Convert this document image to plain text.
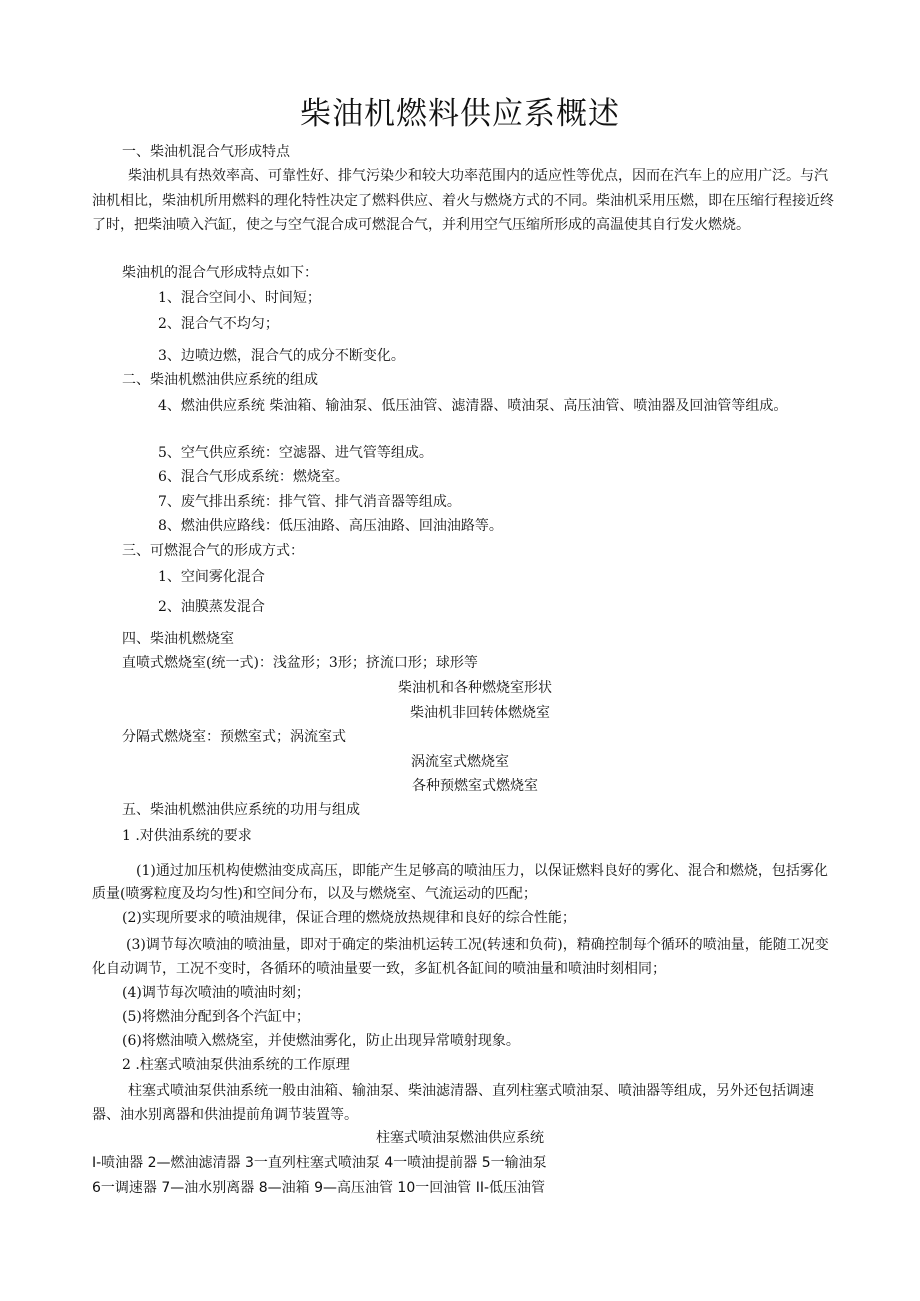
柴油机燃料供应系概述
一、柴油机混合气形成特点
柴油机具有热效率高、可靠性好、排气污染少和较大功率范围内的适应性等优点，因而在汽车上的应用广泛。与汽油机相比，柴油机所用燃料的理化特性决定了燃料供应、着火与燃烧方式的不同。柴油机采用压燃，即在压缩行程接近终了时，把柴油喷入汽缸，使之与空气混合成可燃混合气，并利用空气压缩所形成的高温使其自行发火燃烧。
柴油机的混合气形成特点如下：
1、混合空间小、时间短；
2、混合气不均匀；
3、边喷边燃，混合气的成分不断变化。
二、柴油机燃油供应系统的组成
4、燃油供应系统 柴油箱、输油泵、低压油管、滤清器、喷油泵、高压油管、喷油器及回油管等组成。
5、空气供应系统：空滤器、进气管等组成。
6、混合气形成系统：燃烧室。
7、废气排出系统：排气管、排气消音器等组成。
8、燃油供应路线：低压油路、高压油路、回油油路等。
三、可燃混合气的形成方式：
1、空间雾化混合
2、油膜蒸发混合
四、柴油机燃烧室
直喷式燃烧室(统一式)：浅盆形；3形；挤流口形；球形等
柴油机和各种燃烧室形状
柴油机非回转体燃烧室
分隔式燃烧室：预燃室式；涡流室式
涡流室式燃烧室
各种预燃室式燃烧室
五、柴油机燃油供应系统的功用与组成
1 .对供油系统的要求
(1)通过加压机构使燃油变成高压，即能产生足够高的喷油压力，以保证燃料良好的雾化、混合和燃烧，包括雾化质量(喷雾粒度及均匀性)和空间分布，以及与燃烧室、气流运动的匹配；
(2)实现所要求的喷油规律，保证合理的燃烧放热规律和良好的综合性能；
(3)调节每次喷油的喷油量，即对于确定的柴油机运转工况(转速和负荷)，精确控制每个循环的喷油量，能随工况变化自动调节，工况不变时，各循环的喷油量要一致，多缸机各缸间的喷油量和喷油时刻相同；
(4)调节每次喷油的喷油时刻；
(5)将燃油分配到各个汽缸中；
(6)将燃油喷入燃烧室，并使燃油雾化，防止出现异常喷射现象。
2 .柱塞式喷油泵供油系统的工作原理
柱塞式喷油泵供油系统一般由油箱、输油泵、柴油滤清器、直列柱塞式喷油泵、喷油器等组成，另外还包括调速器、油水别离器和供油提前角调节装置等。
柱塞式喷油泵燃油供应系统
I-喷油器 2—燃油滤清器 3一直列柱塞式喷油泵 4一喷油提前器 5一输油泵
6一调速器 7—油水别离器 8—油箱 9—高压油管 10一回油管 II-低压油管
